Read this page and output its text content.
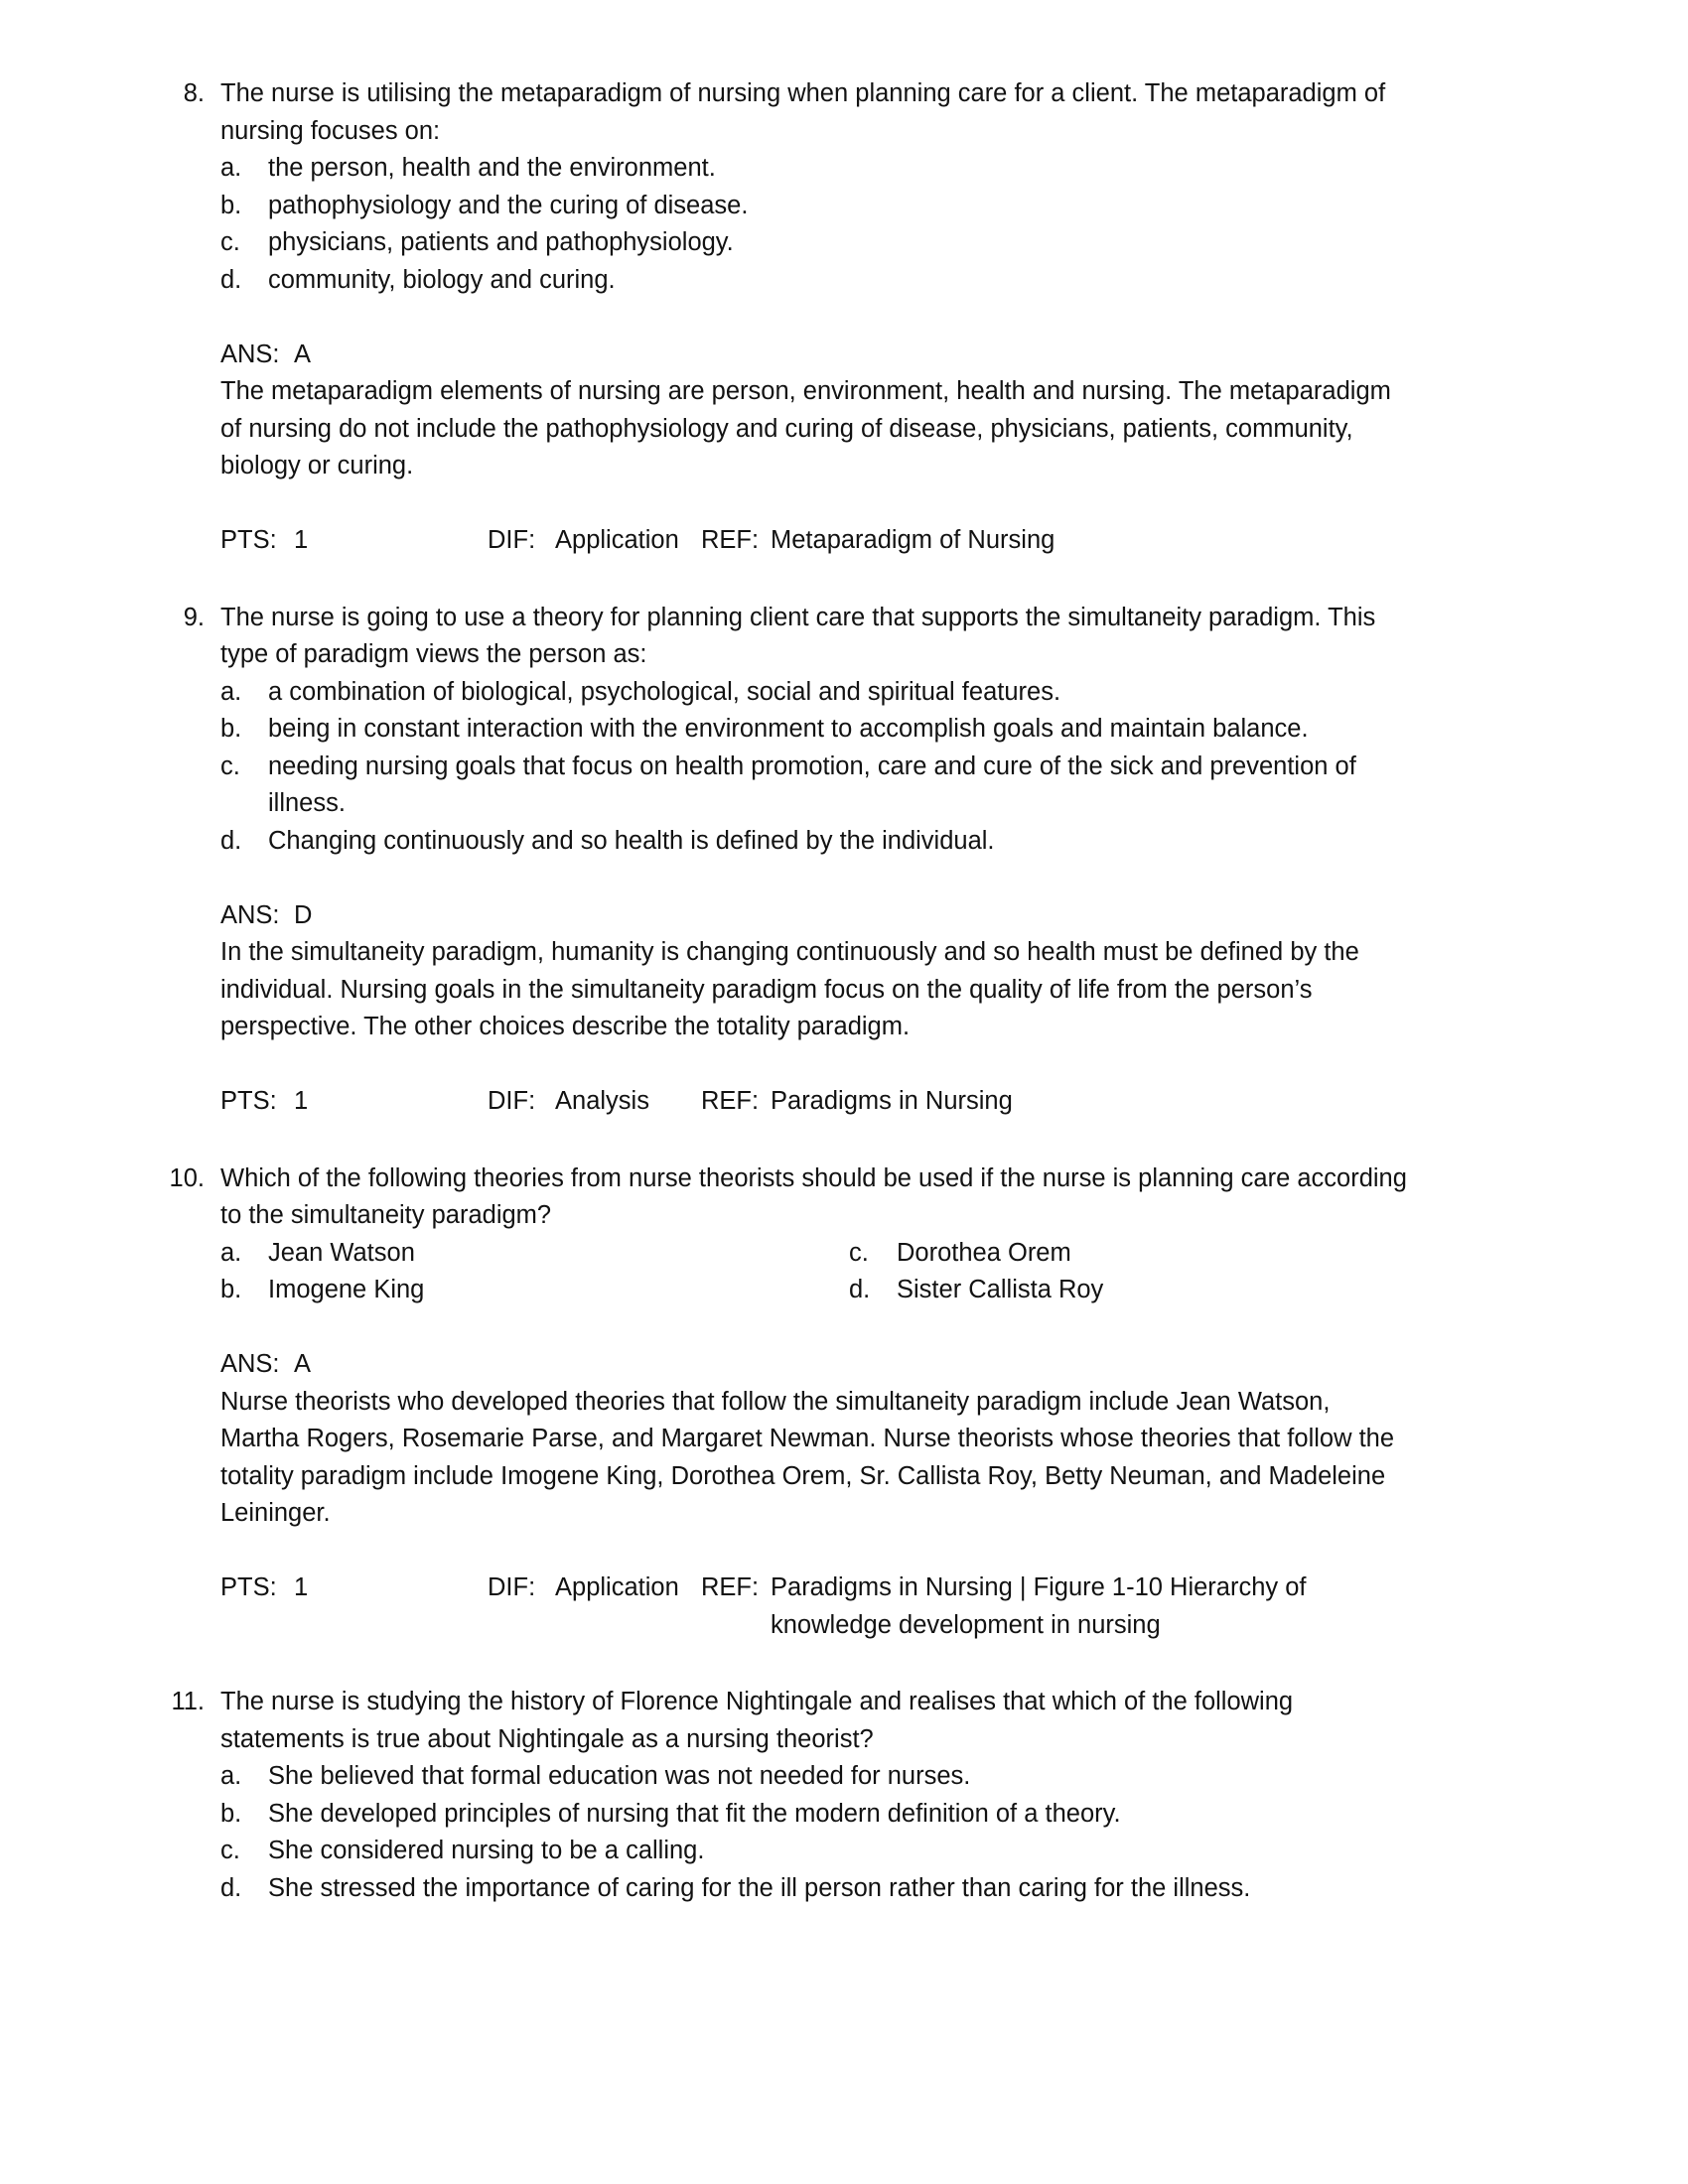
8. The nurse is utilising the metaparadigm of nursing when planning care for a client. The metaparadigm of nursing focuses on:
a.	the person, health and the environment.
b.	pathophysiology and the curing of disease.
c.	physicians, patients and pathophysiology.
d.	community, biology and curing.
ANS: A
The metaparadigm elements of nursing are person, environment, health and nursing. The metaparadigm of nursing do not include the pathophysiology and curing of disease, physicians, patients, community, biology or curing.
PTS: 1	DIF: Application REF: Metaparadigm of Nursing
9. The nurse is going to use a theory for planning client care that supports the simultaneity paradigm. This type of paradigm views the person as:
a.	a combination of biological, psychological, social and spiritual features.
b.	being in constant interaction with the environment to accomplish goals and maintain balance.
c.	needing nursing goals that focus on health promotion, care and cure of the sick and prevention of illness.
d.	Changing continuously and so health is defined by the individual.
ANS: D
In the simultaneity paradigm, humanity is changing continuously and so health must be defined by the individual. Nursing goals in the simultaneity paradigm focus on the quality of life from the person’s perspective. The other choices describe the totality paradigm.
PTS: 1	DIF: Analysis	REF: Paradigms in Nursing
10. Which of the following theories from nurse theorists should be used if the nurse is planning care according to the simultaneity paradigm?
a.	Jean Watson	c.	Dorothea Orem
b.	Imogene King	d.	Sister Callista Roy
ANS: A
Nurse theorists who developed theories that follow the simultaneity paradigm include Jean Watson, Martha Rogers, Rosemarie Parse, and Margaret Newman. Nurse theorists whose theories that follow the totality paradigm include Imogene King, Dorothea Orem, Sr. Callista Roy, Betty Neuman, and Madeleine Leininger.
PTS: 1	DIF: Application REF: Paradigms in Nursing | Figure 1-10 Hierarchy of knowledge development in nursing
11. The nurse is studying the history of Florence Nightingale and realises that which of the following statements is true about Nightingale as a nursing theorist?
a.	She believed that formal education was not needed for nurses.
b.	She developed principles of nursing that fit the modern definition of a theory.
c.	She considered nursing to be a calling.
d.	She stressed the importance of caring for the ill person rather than caring for the illness.
